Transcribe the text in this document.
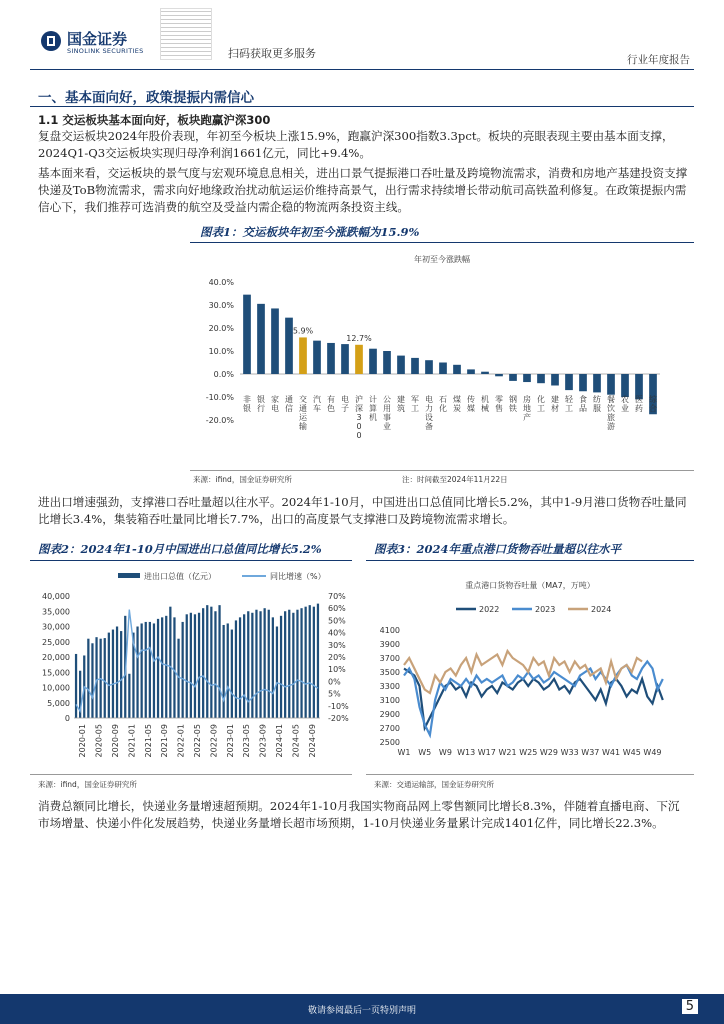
国金证券
SINOLINK SECURITIES	扫码获取更多服务	行业年度报告
一、基本面向好，政策提振内需信心
1.1 交运板块基本面向好，板块跑赢沪深300
复盘交运板块2024年股价表现，年初至今板块上涨15.9%，跑赢沪深300指数3.3pct。板块的亮眼表现主要由基本面支撑，2024Q1-Q3交运板块实现归母净利润1661亿元，同比+9.4%。
基本面来看，交运板块的景气度与宏观环境息息相关，进出口景气提振港口吞吐量及跨境物流需求，消费和房地产基建投资支撑快递及ToB物流需求，需求向好地缘政治扰动航运运价维持高景气，出行需求持续增长带动航司高铁盈利修复。在政策提振内需信心下，我们推荐可选消费的航空及受益内需企稳的物流两条投资主线。
图表1：交运板块年初至今涨跌幅为15.9%
年初至今涨跌幅
40.0%
30.0%
20.0%
10.0%
0.0%
-10.0%
-20.0%
非银
银行
家电
通信
5.9%
交通运输
汽车
有色
电子
12.7%
沪深 3 0 0
计算机
公用事业
建筑
军工
电力设备
石化
煤炭
传媒
机械
零售
钢铁
房地产
化工
建材
轻工
食品
纺服
餐饮旅游
农业
医药
综合
来源：ifind，国金证券研究所	注：时间截至2024年11月22日
进出口增速强劲，支撑港口吞吐量超以往水平。2024年1-10月，中国进出口总值同比增长5.2%，其中1-9月港口货物吞吐量同比增长3.4%，集装箱吞吐量同比增长7.7%，出口的高度景气支撑港口及跨境物流需求增长。
图表2：2024年1-10月中国进出口总值同比增长5.2%	图表3：2024年重点港口货物吞吐量超以往水平
进出口总值（亿元）	同比增速（%）
40,000
35,000
30,000
25,000
20,000
15,000
10,000
5,000
0
70%
60%
50%
40%
30%
20%
10%
0%
5%
-10%
-20%
2020-01 2020-05 2020-09 2021-01 2021-05 2021-09 2022-01 2022-05 2022-09 2023-01 2023-05 2023-09 2024-01 2024-05 2024-09
重点港口货物吞吐量（MA7，万吨）
2022	2023	2024
4100
3900
3700
3500
3300
3100
2900
2700
2500
W1 W5 W9 W13 W17 W21 W25 W29 W33 W37 W41 W45 W49
来源：ifind，国金证券研究所	来源：交通运输部，国金证券研究所
消费总额同比增长，快递业务量增速超预期。2024年1-10月我国实物商品网上零售额同比增长8.3%，伴随着直播电商、下沉市场增量、快递小件化发展趋势，快递业务量增长超市场预期，1-10月快递业务量累计完成1401亿件，同比增长22.3%。
敬请参阅最后一页特别声明	5
